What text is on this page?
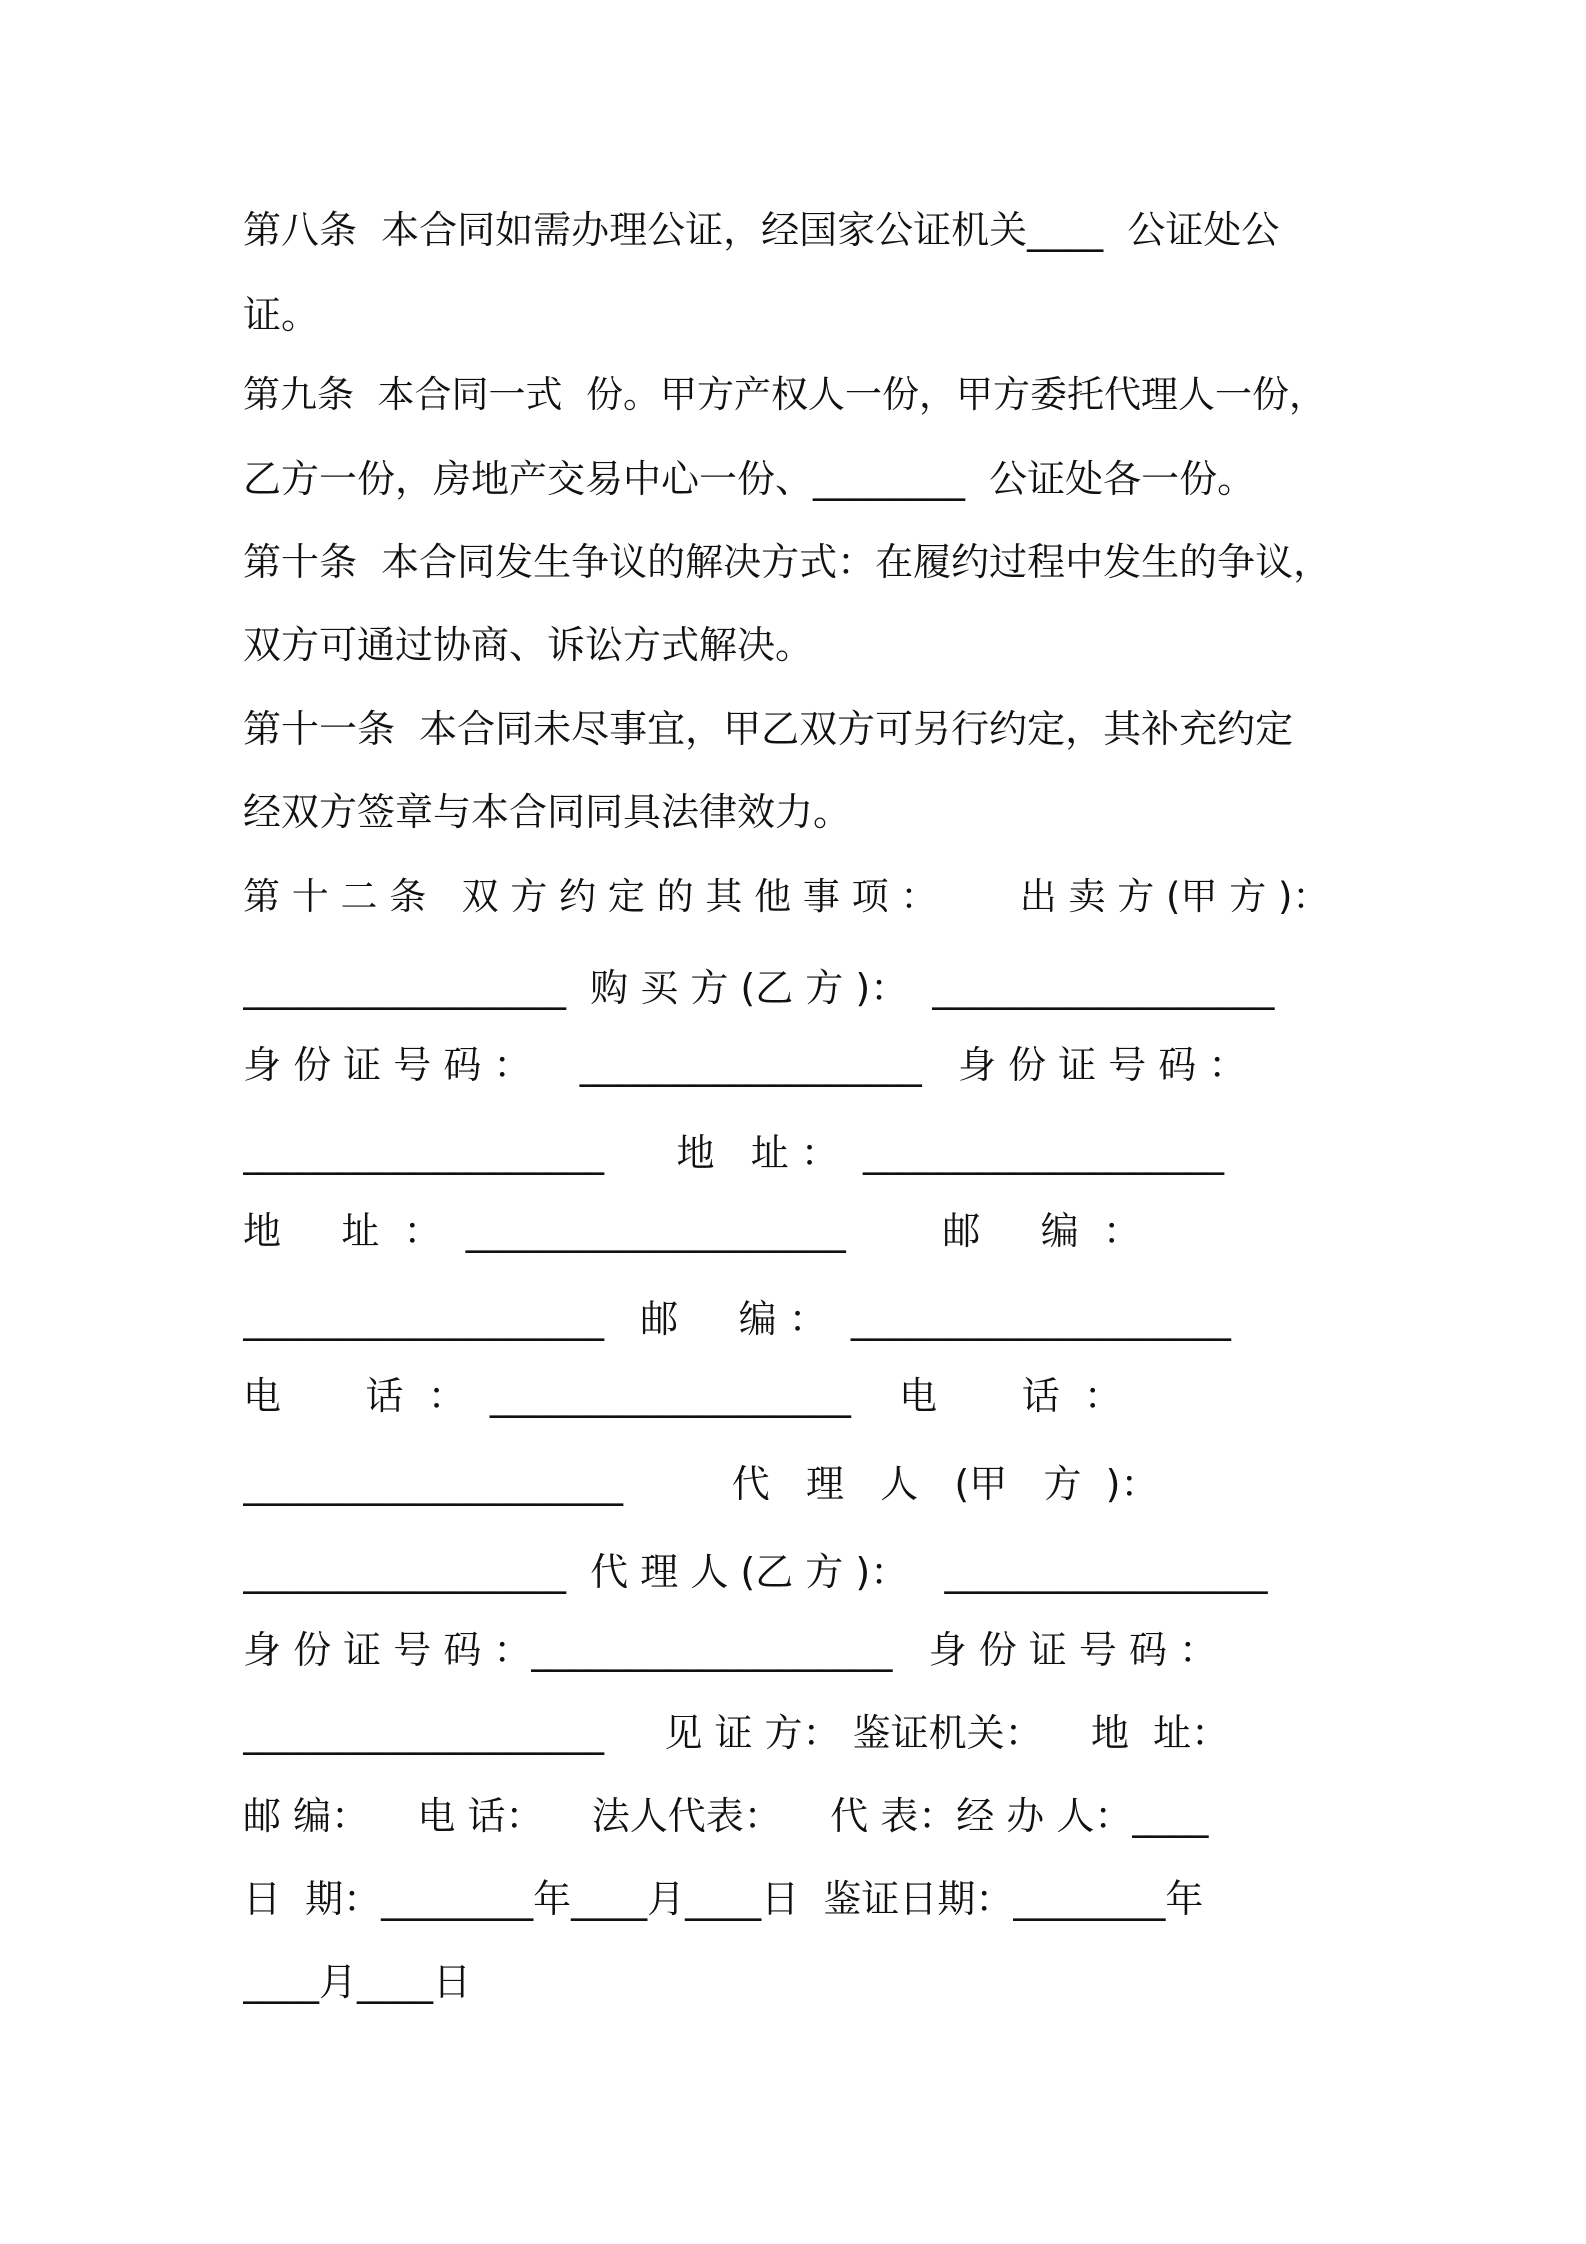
第八条  本合同如需办理公证，经国家公证机关____  公证处公
证。
第九条  本合同一式  份。甲方产权人一份，甲方委托代理人一份，
乙方一份，房地产交易中心一份、________  公证处各一份。
第十条  本合同发生争议的解决方式：在履约过程中发生的争议，
双方可通过协商、诉讼方式解决。
第十一条  本合同未尽事宜，甲乙双方可另行约定，其补充约定
经双方签章与本合同同具法律效力。
第 十 二 条   双 方 约 定 的 其 他 事 项 ：       出 卖 方 (甲 方 )：
_________________  购 买 方 (乙 方 )：  __________________
身 份 证 号 码 ：    __________________   身 份 证 号 码 ：
___________________      地   址 ：  ___________________
地     址  ：  ____________________        邮     编  ：
___________________   邮     编 ：  ____________________
电       话  ：  ___________________    电       话  ：
____________________         代   理   人   (甲   方  )：
_________________  代 理 人 (乙 方 )：   _________________
身 份 证 号 码 ：___________________   身 份 证 号 码 ：
___________________     见 证 方： 鉴证机关：    地  址：
邮 编：    电 话：    法人代表：    代 表：经 办 人：____
日  期：________年____月____日  鉴证日期：________年
____月____日
